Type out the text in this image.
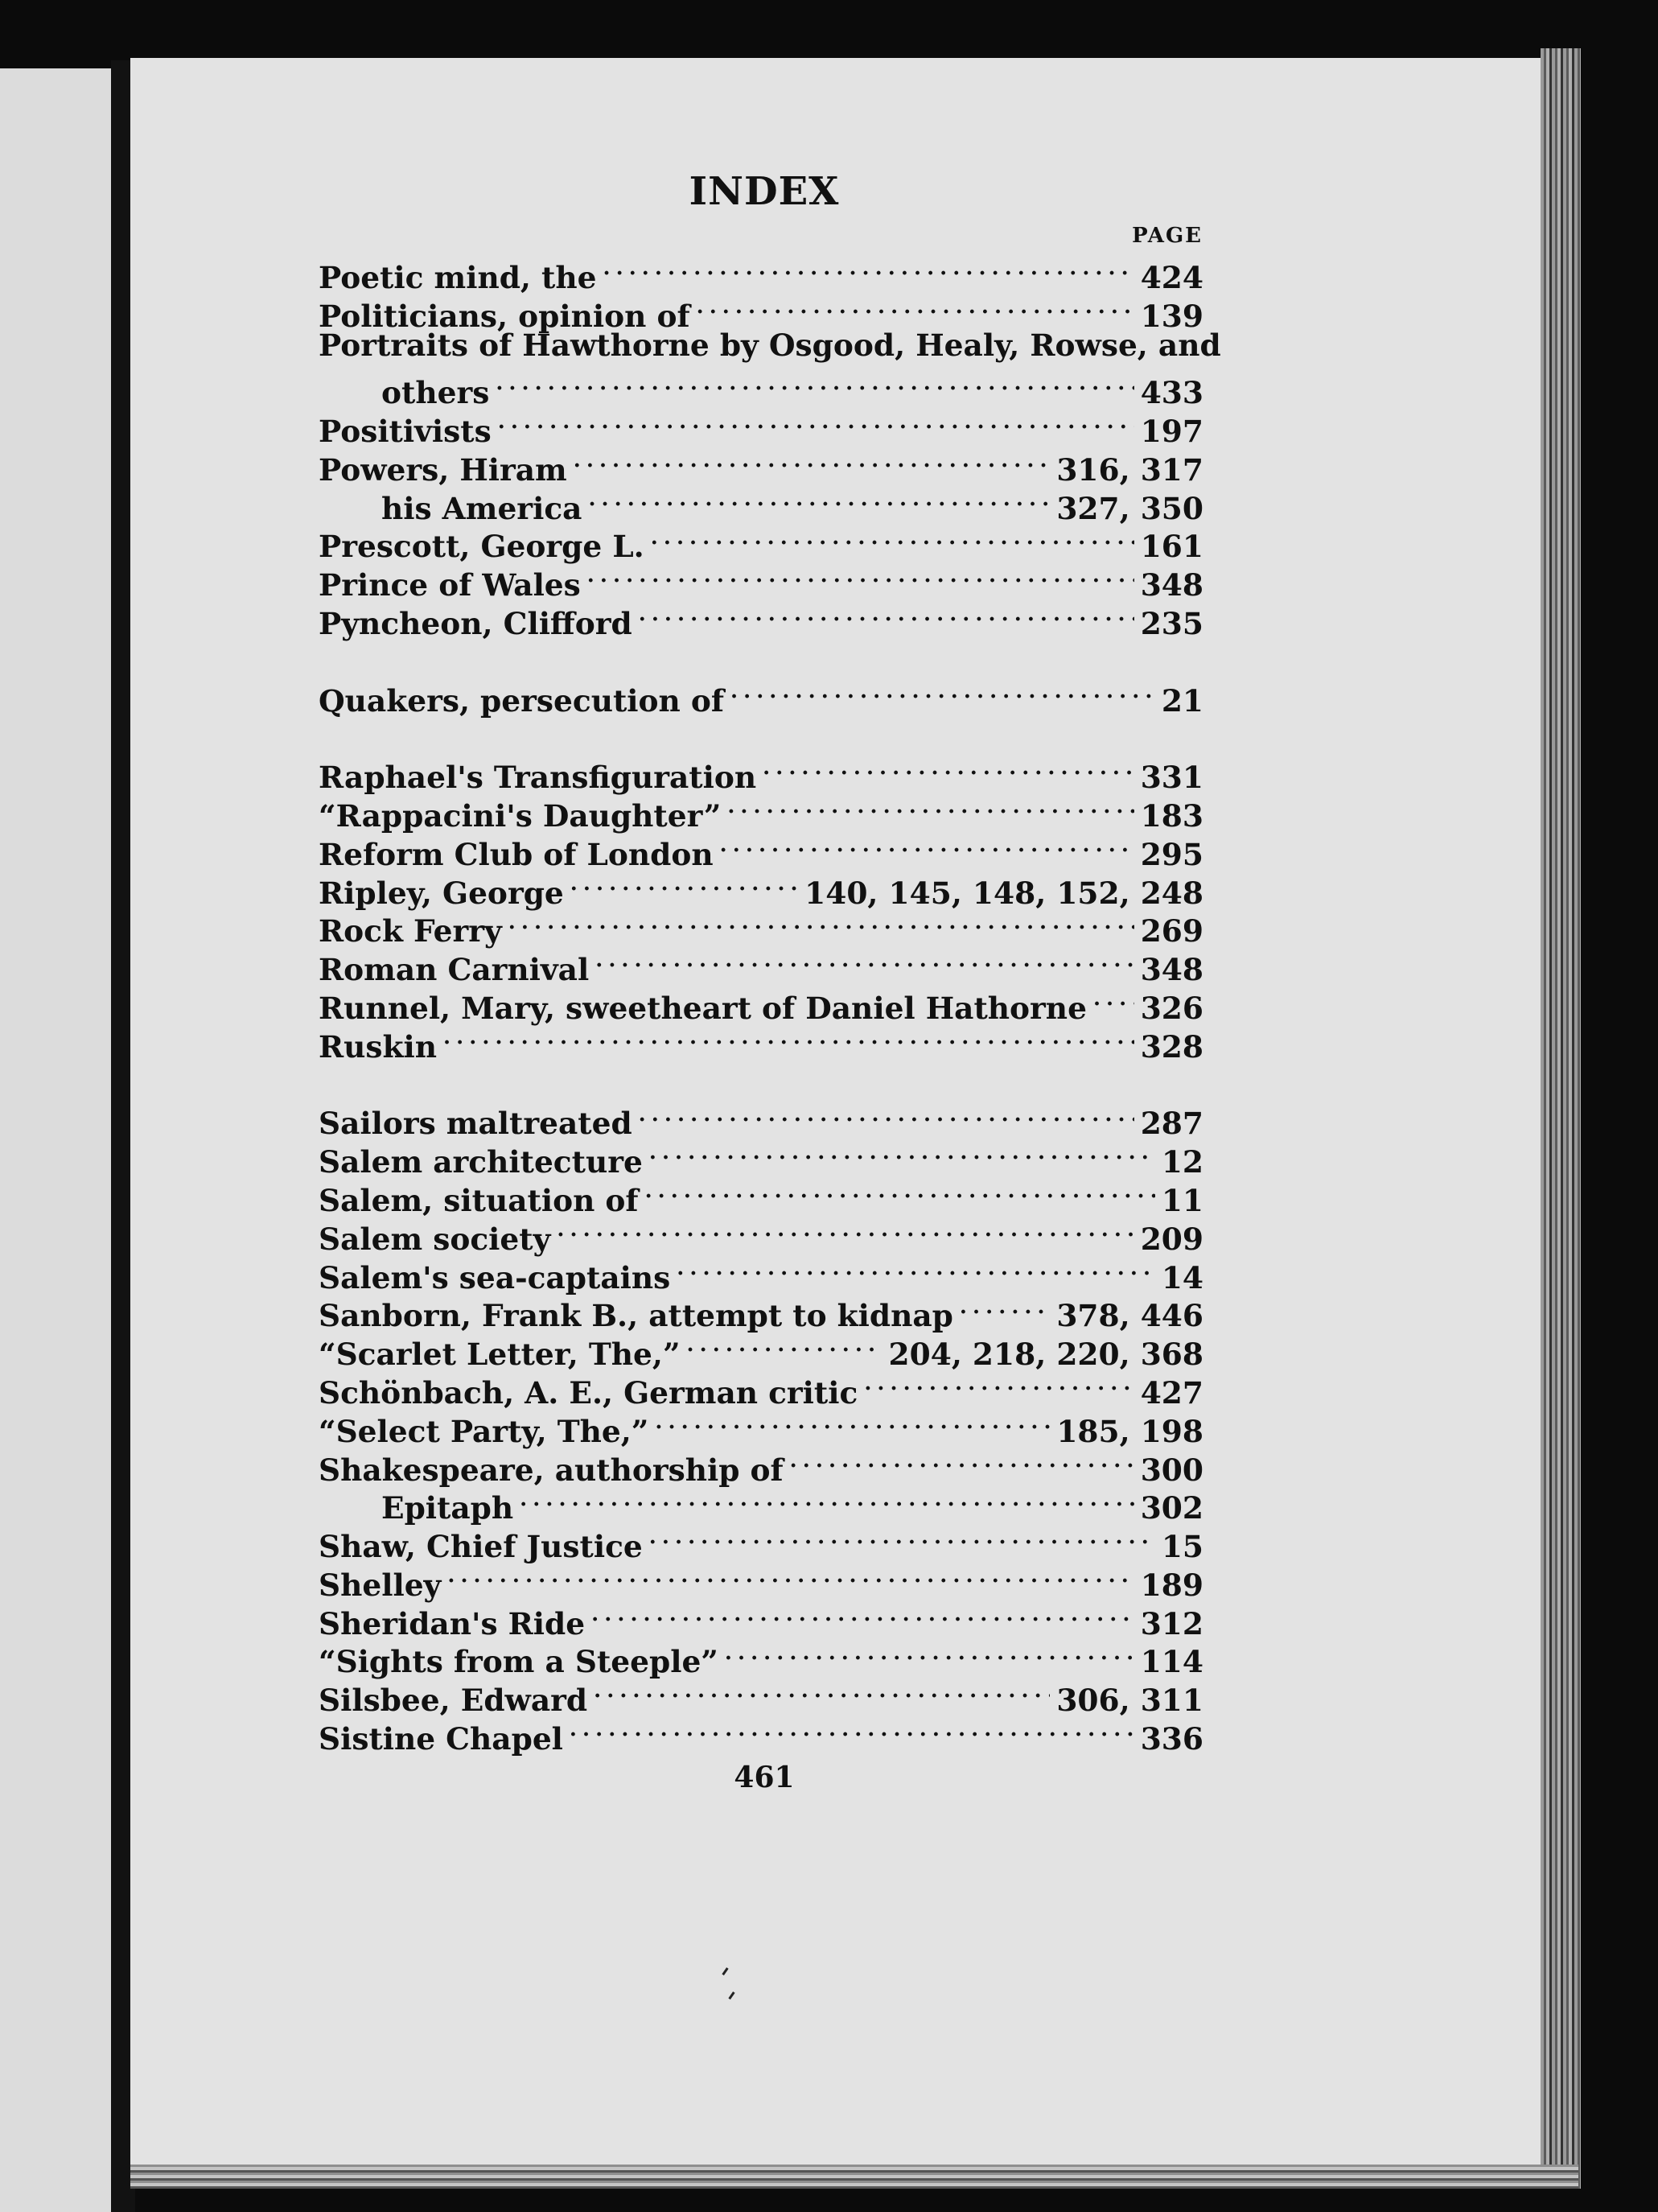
INDEX
PAGE
Poetic mind, the . . .	424
Politicians, opinion of . . .	139
Portraits of Hawthorne by Osgood, Healy, Rowse, and
others . . .	433
Positivists . . .	197
Powers, Hiram . . .	316, 317
his America . . .	327, 350
Prescott, George L. . . .	161
Prince of Wales . . .	348
Pyncheon, Clifford . . .	235
Quakers, persecution of . . .	21
Raphael's Transfiguration . . .	331
“Rappacini's Daughter” . . .	183
Reform Club of London . . .	295
Ripley, George . . .	140, 145, 148, 152, 248
Rock Ferry . . .	269
Roman Carnival . . .	348
Runnel, Mary, sweetheart of Daniel Hathorne . . . 326
Ruskin . . .	328
Sailors maltreated . . .	287
Salem architecture . . .	12
Salem, situation of . . .	11
Salem society . . .	209
Salem's sea-captains . . .	14
Sanborn, Frank B., attempt to kidnap . . .	378, 446
“Scarlet Letter, The,” . . .	204, 218, 220, 368
Schönbach, A. E., German critic . . .	427
“Select Party, The,” . . .	185, 198
Shakespeare, authorship of . . .	300
Epitaph . . .	302
Shaw, Chief Justice . . .	15
Shelley . . .	189
Sheridan's Ride . . .	312
“Sights from a Steeple” . . .	114
Silsbee, Edward . . .	306, 311
Sistine Chapel . . .	336
461
